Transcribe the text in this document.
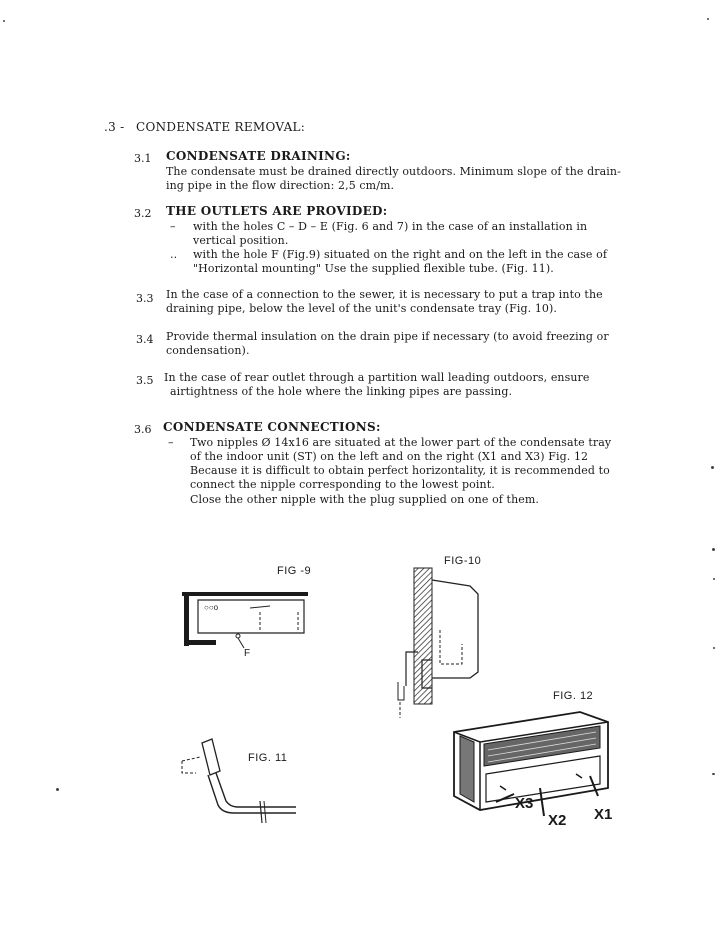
.3 - CONDENSATE REMOVAL:
3.1 CONDENSATE DRAINING:
The condensate must be drained directly outdoors. Minimum slope of the drain-
ing pipe in the flow direction: 2,5 cm/m.
3.2 THE OUTLETS ARE PROVIDED:
– with the holes C – D – E (Fig. 6 and 7) in the case of an installation in
vertical position.
.. with the hole F (Fig.9) situated on the right and on the left in the case of
"Horizontal mounting" Use the supplied flexible tube. (Fig. 11).
3.3 In the case of a connection to the sewer, it is necessary to put a trap into the
draining pipe, below the level of the unit's condensate tray (Fig. 10).
3.4 Provide thermal insulation on the drain pipe if necessary (to avoid freezing or
condensation).
3.5 In the case of rear outlet through a partition wall leading outdoors, ensure
airtightness of the hole where the linking pipes are passing.
3.6 CONDENSATE CONNECTIONS:
– Two nipples Ø 14x16 are situated at the lower part of the condensate tray
of the indoor unit (ST) on the left and on the right (X1 and X3) Fig. 12
Because it is difficult to obtain perfect horizontality, it is recommended to
connect the nipple corresponding to the lowest point.
Close the other nipple with the plug supplied on one of them.
FIG -9
○○o
F
FIG-10
FIG. 11
FIG. 12
X3
X2 X1
